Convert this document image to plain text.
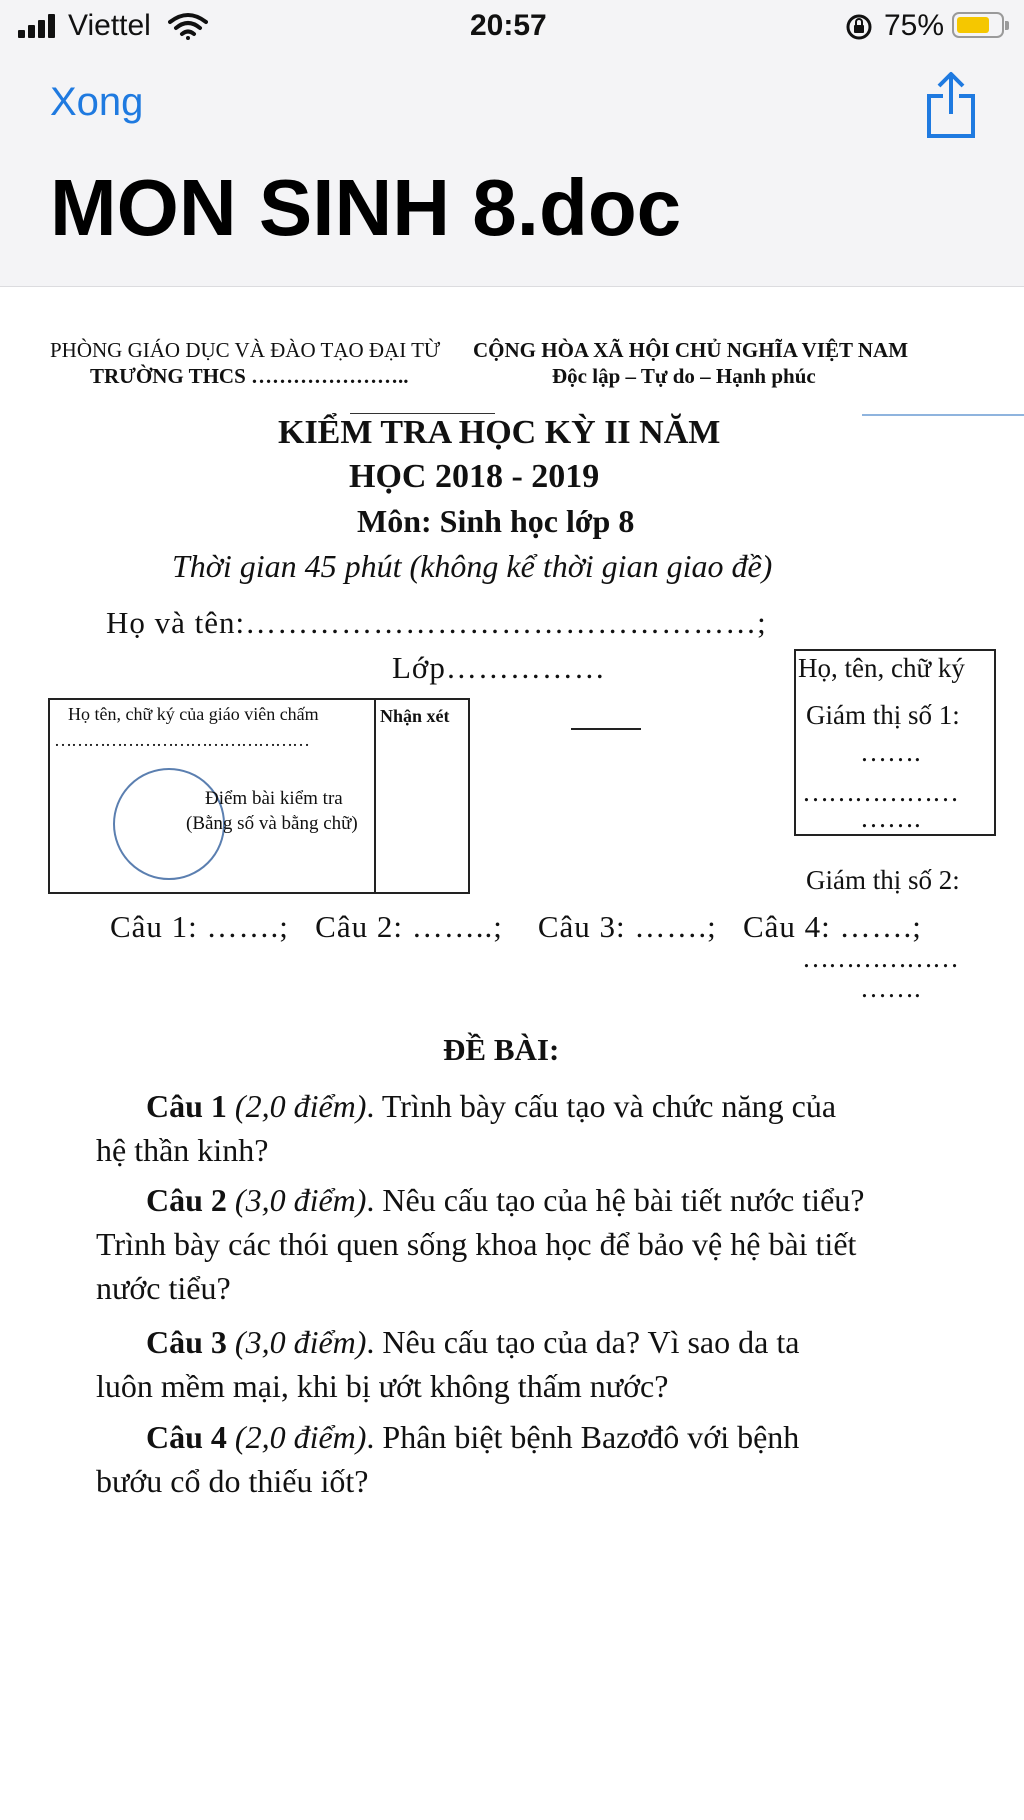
Viettel	20:57	75%
Xong
MON SINH 8.doc
PHÒNG GIÁO DỤC VÀ ĐÀO TẠO ĐẠI TỪ CỘNG HÒA XÃ HỘI CHỦ NGHĨA VIỆT NAM
TRƯỜNG THCS …………………..	Độc lập – Tự do – Hạnh phúc
KIỂM TRA HỌC KỲ II NĂM
HỌC 2018 - 2019
Môn: Sinh học lớp 8
Thời gian 45 phút (không kể thời gian giao đề)
Họ và tên:…………………………………………;
Lớp……………
Họ tên, chữ ký của giáo viên chấm
………………………………………
Điểm bài kiểm tra
(Bằng số và bằng chữ)
Nhận xét
Họ, tên, chữ ký
Giám thị số 1:
…….
………………
…….
Giám thị số 2:
Câu 1: …….;   Câu 2: ……..;    Câu 3: …….;   Câu 4: …….;
………………
…….
ĐỀ BÀI:
Câu 1 (2,0 điểm). Trình bày cấu tạo và chức năng của
hệ thần kinh?
Câu 2 (3,0 điểm). Nêu cấu tạo của hệ bài tiết nước tiểu?
Trình bày các thói quen sống khoa học để bảo vệ hệ bài tiết
nước tiểu?
Câu 3 (3,0 điểm). Nêu cấu tạo của da? Vì sao da ta
luôn mềm mại, khi bị ướt không thấm nước?
Câu 4 (2,0 điểm). Phân biệt bệnh Bazơđô với bệnh
bướu cổ do thiếu iốt?
